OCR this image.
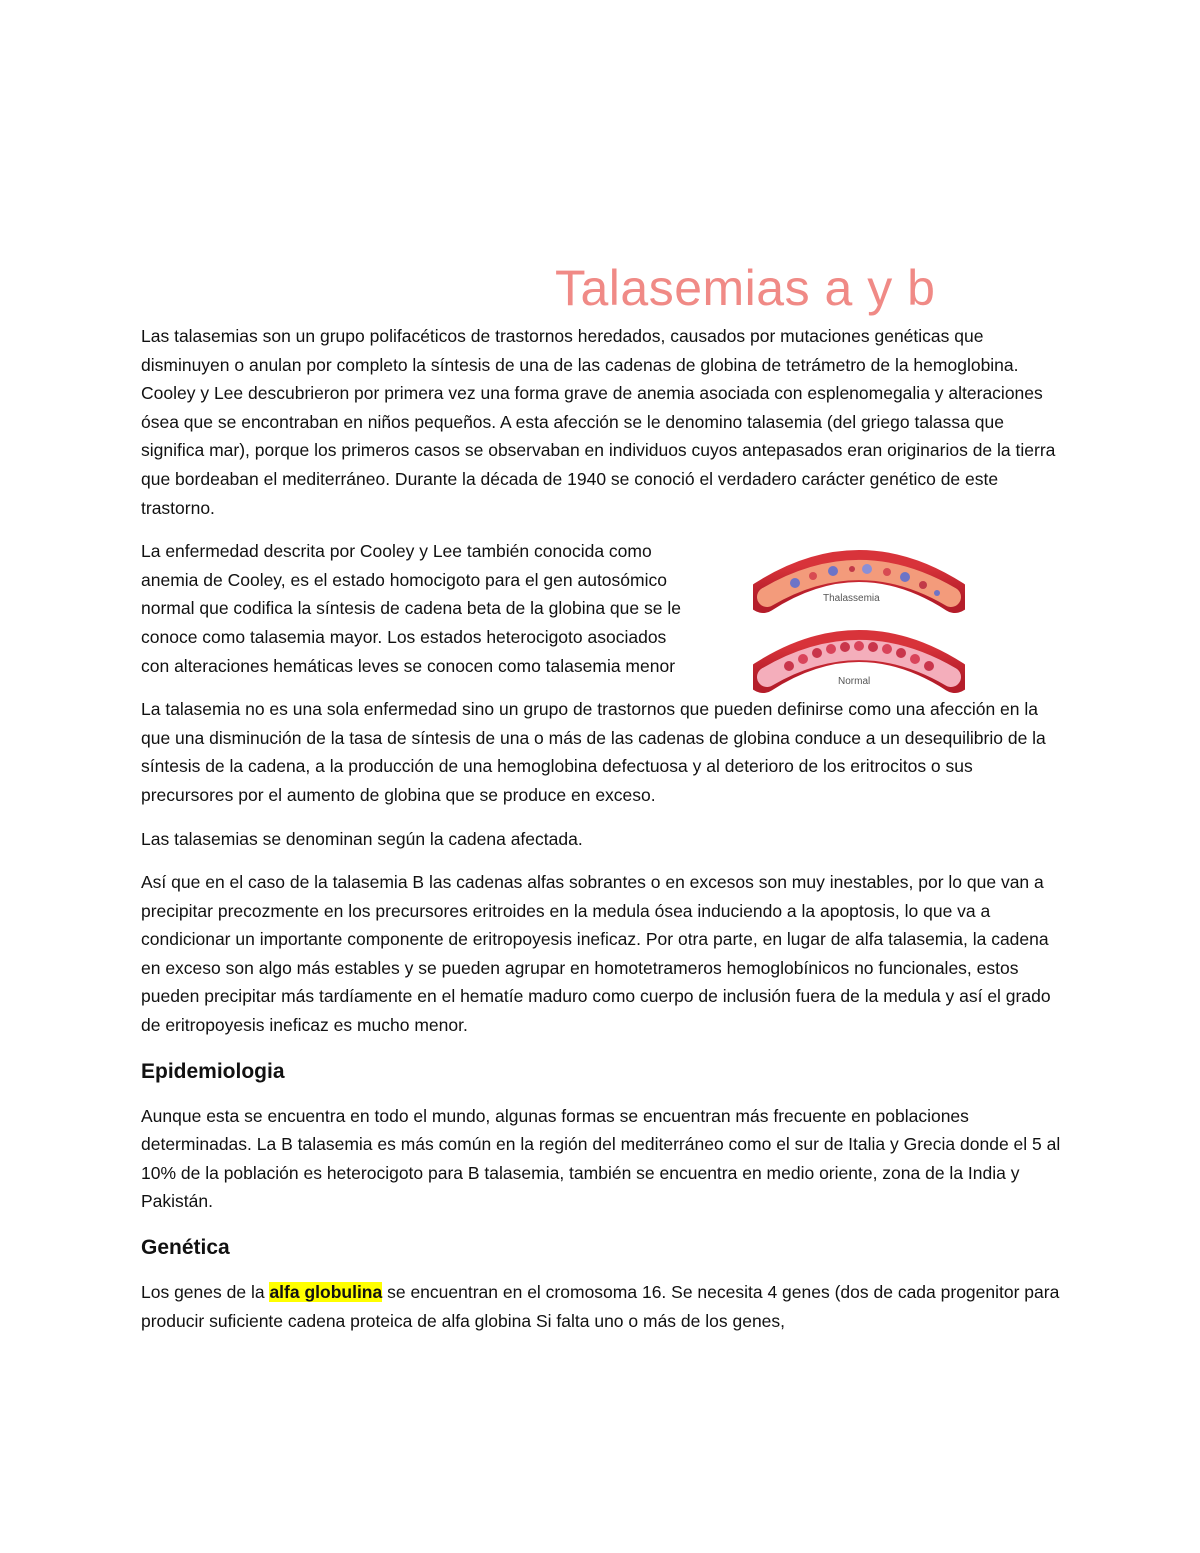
Talasemias a y b

Las talasemias son un grupo polifacéticos de trastornos heredados, causados por mutaciones genéticas que disminuyen o anulan por completo la síntesis de una de las cadenas de globina de tetrámetro de la hemoglobina. Cooley y Lee descubrieron por primera vez una forma grave de anemia asociada con esplenomegalia y alteraciones ósea que se encontraban en niños pequeños. A esta afección se le denomino talasemia (del griego talassa que significa mar), porque los primeros casos se observaban en individuos cuyos antepasados eran originarios de la tierra que bordeaban el mediterráneo. Durante la década de 1940 se conoció el verdadero carácter genético de este trastorno.

La enfermedad descrita por Cooley y Lee también conocida como anemia de Cooley, es el estado homocigoto para el gen autosómico normal que codifica la síntesis de cadena beta de la globina que se le conoce como talasemia mayor. Los estados heterocigoto asociados con alteraciones hemáticas leves se conocen como talasemia menor

Thalassemia
Normal

La talasemia no es una sola enfermedad sino un grupo de trastornos que pueden definirse como una afección en la que una disminución de la tasa de síntesis de una o más de las cadenas de globina conduce a un desequilibrio de la síntesis de la cadena, a la producción de una hemoglobina defectuosa y al deterioro de los eritrocitos o sus precursores por el aumento de globina que se produce en exceso.

Las talasemias se denominan según la cadena afectada.

Así que en el caso de la talasemia B las cadenas alfas sobrantes o en excesos son muy inestables, por lo que van a precipitar precozmente en los precursores eritroides en la medula ósea induciendo a la apoptosis, lo que va a condicionar un importante componente de eritropoyesis ineficaz. Por otra parte, en lugar de alfa talasemia, la cadena en exceso son algo más estables y se pueden agrupar en homotetrameros hemoglobínicos no funcionales, estos pueden precipitar más tardíamente en el hematíe maduro como cuerpo de inclusión fuera de la medula y así el grado de eritropoyesis ineficaz es mucho menor.

Epidemiologia

Aunque esta se encuentra en todo el mundo, algunas formas se encuentran más frecuente en poblaciones determinadas. La B talasemia es más común en la región del mediterráneo como el sur de Italia y Grecia donde el 5 al 10% de la población es heterocigoto para B talasemia, también se encuentra en medio oriente, zona de la India y Pakistán.

Genética

Los genes de la alfa globulina se encuentran en el cromosoma 16. Se necesita 4 genes (dos de cada progenitor para producir suficiente cadena proteica de alfa globina Si falta uno o más de los genes,
